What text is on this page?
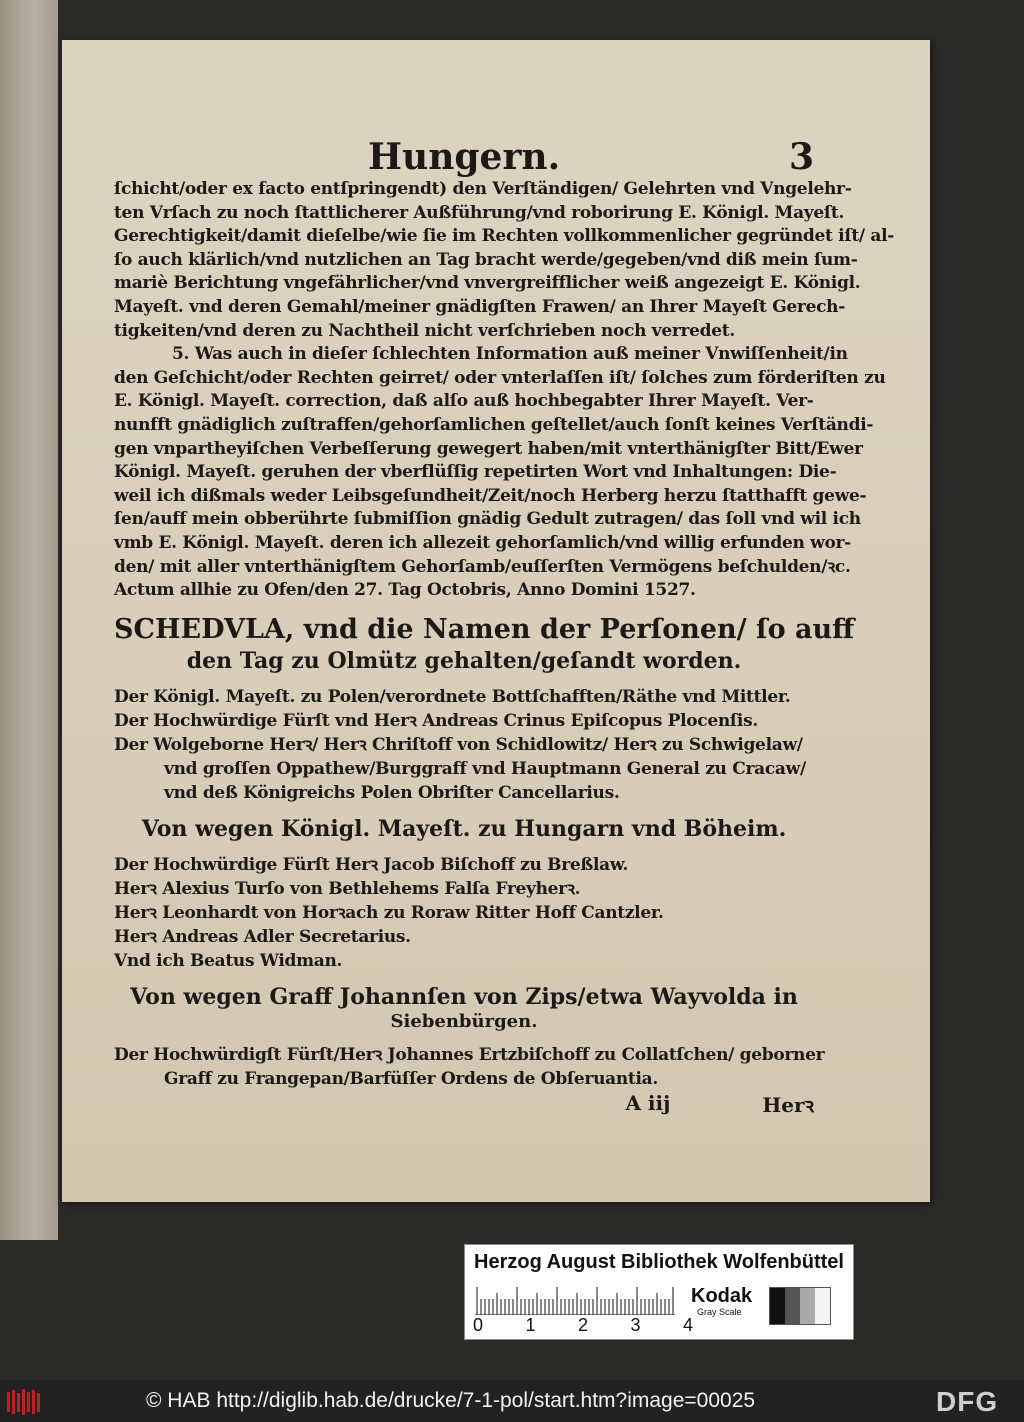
Hungern.	3
ſchicht/oder ex facto entſpringendt) den Verſtändigen/ Gelehrten vnd Vngelehr-
ten Vrſach zu noch ſtattlicherer Außführung/vnd roborirung E. Königl. Mayeſt.
Gerechtigkeit/damit dieſelbe/wie ſie im Rechten vollkommenlicher gegründet iſt/ al-
ſo auch klärlich/vnd nutzlichen an Tag bracht werde/gegeben/vnd diß mein ſum-
mariè Berichtung vngefährlicher/vnd vnvergreifflicher weiß angezeigt E. Königl.
Mayeſt. vnd deren Gemahl/meiner gnädigſten Frawen/ an Ihrer Mayeſt Gerech-
tigkeiten/vnd deren zu Nachtheil nicht verſchrieben noch verredet.
5. Was auch in dieſer ſchlechten Information auß meiner Vnwiſſenheit/in
den Geſchicht/oder Rechten geirret/ oder vnterlaſſen iſt/ ſolches zum förderiſten zu
E. Königl. Mayeſt. correction, daß alſo auß hochbegabter Ihrer Mayeſt. Ver-
nunfft gnädiglich zuſtraffen/gehorſamlichen geſtellet/auch ſonſt keines Verſtändi-
gen vnpartheyiſchen Verbeſſerung gewegert haben/mit vnterthänigſter Bitt/Ewer
Königl. Mayeſt. geruhen der vberflüſſig repetirten Wort vnd Inhaltungen: Die-
weil ich dißmals weder Leibsgeſundheit/Zeit/noch Herberg herzu ſtatthafft gewe-
ſen/auff mein obberührte ſubmiſſion gnädig Gedult zutragen/ das ſoll vnd wil ich
vmb E. Königl. Mayeſt. deren ich allezeit gehorſamlich/vnd willig erfunden wor-
den/ mit aller vnterthänigſtem Gehorſamb/euſſerſten Vermögens beſchulden/ꝛc.
Actum allhie zu Ofen/den 27. Tag Octobris, Anno Domini 1527.
SCHEDVLA, vnd die Namen der Perſonen/ ſo auff
den Tag zu Olmütz gehalten/geſandt worden.
Der Königl. Mayeſt. zu Polen/verordnete Bottſchafften/Räthe vnd Mittler.
Der Hochwürdige Fürſt vnd Herꝛ Andreas Crinus Epiſcopus Plocenſis.
Der Wolgeborne Herꝛ/ Herꝛ Chriſtoff von Schidlowitz/ Herꝛ zu Schwigelaw/
vnd groſſen Oppathew/Burggraff vnd Hauptmann General zu Cracaw/
vnd deß Königreichs Polen Obriſter Cancellarius.
Von wegen Königl. Mayeſt. zu Hungarn vnd Böheim.
Der Hochwürdige Fürſt Herꝛ Jacob Biſchoff zu Breßlaw.
Herꝛ Alexius Turſo von Bethlehems Falſa Freyherꝛ.
Herꝛ Leonhardt von Horꝛach zu Roraw Ritter Hoff Cantzler.
Herꝛ Andreas Adler Secretarius.
Vnd ich Beatus Widman.
Von wegen Graff Johannſen von Zips/etwa Wayvolda in
Siebenbürgen.
Der Hochwürdigſt Fürſt/Herꝛ Johannes Ertzbiſchoff zu Collatſchen/ geborner
Graff zu Frangepan/Barfüſſer Ordens de Obſeruantia.
A iij	Herꝛ
Herzog August Bibliothek Wolfenbüttel
0 1 2 3 4
Kodak
Gray Scale
© HAB http://diglib.hab.de/drucke/7-1-pol/start.htm?image=00025	DFG
